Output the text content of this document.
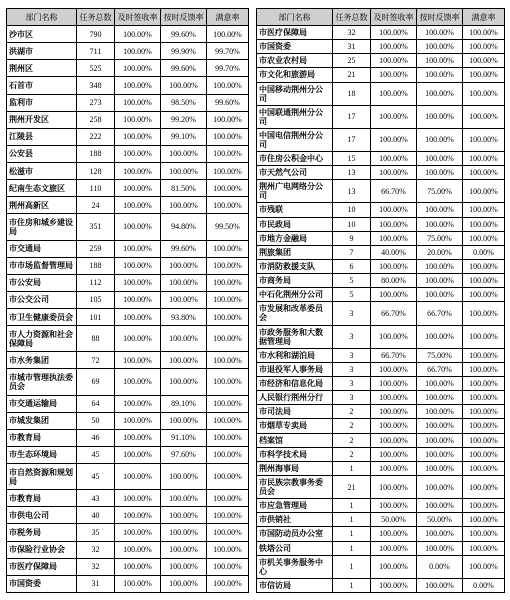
部门名称	任务总数	及时签收率	按时反馈率	满意率
沙市区	790	100.00%	99.60%	100.00%
洪湖市	711	100.00%	99.90%	99.70%
荆州区	525	100.00%	99.60%	99.70%
石首市	348	100.00%	100.00%	100.00%
监利市	273	100.00%	98.50%	99.60%
荆州开发区	258	100.00%	99.20%	100.00%
江陵县	222	100.00%	99.10%	100.00%
公安县	188	100.00%	100.00%	100.00%
松滋市	128	100.00%	100.00%	100.00%
纪南生态文旅区	110	100.00%	81.50%	100.00%
荆州高新区	24	100.00%	100.00%	100.00%
市住房和城乡建设局	351	100.00%	94.80%	99.50%
市交通局	259	100.00%	99.60%	100.00%
市市场监督管理局	188	100.00%	100.00%	100.00%
市公安局	112	100.00%	100.00%	100.00%
市公交公司	105	100.00%	100.00%	100.00%
市卫生健康委员会	101	100.00%	93.80%	100.00%
市人力资源和社会保障局	88	100.00%	100.00%	100.00%
市水务集团	72	100.00%	100.00%	100.00%
市城市管理执法委员会	69	100.00%	100.00%	100.00%
市交通运输局	64	100.00%	89.10%	100.00%
市城发集团	50	100.00%	100.00%	100.00%
市教育局	46	100.00%	91.10%	100.00%
市生态环境局	45	100.00%	97.60%	100.00%
市自然资源和规划局	45	100.00%	100.00%	100.00%
市教育局	43	100.00%	100.00%	100.00%
市供电公司	40	100.00%	100.00%	100.00%
市税务局	35	100.00%	100.00%	100.00%
市保险行业协会	32	100.00%	100.00%	100.00%
市医疗保障局	32	100.00%	100.00%	100.00%
市国资委	31	100.00%	100.00%	100.00%
部门名称	任务总数	及时签收率	按时反馈率	满意率
市医疗保障局	32	100.00%	100.00%	100.00%
市国资委	31	100.00%	100.00%	100.00%
市农业农村局	25	100.00%	100.00%	100.00%
市文化和旅游局	21	100.00%	100.00%	100.00%
中国移动荆州分公司	18	100.00%	100.00%	100.00%
中国联通荆州分公司	17	100.00%	100.00%	100.00%
中国电信荆州分公司	17	100.00%	100.00%	100.00%
市住房公积金中心	15	100.00%	100.00%	100.00%
市天然气公司	13	100.00%	100.00%	100.00%
荆州广电网络分公司	13	66.70%	75.00%	100.00%
市残联	10	100.00%	100.00%	100.00%
市民政局	10	100.00%	100.00%	100.00%
市地方金融局	9	100.00%	75.00%	100.00%
荆旅集团	7	40.00%	20.00%	0.00%
市消防救援支队	6	100.00%	100.00%	100.00%
市商务局	5	80.00%	100.00%	100.00%
中石化荆州分公司	5	100.00%	100.00%	100.00%
市发展和改革委员会	3	66.70%	66.70%	100.00%
市政务服务和大数据管理局	3	100.00%	100.00%	100.00%
市水利和湖泊局	3	66.70%	75.00%	100.00%
市退役军人事务局	3	100.00%	66.70%	100.00%
市经济和信息化局	3	100.00%	100.00%	100.00%
人民银行荆州分行	3	100.00%	100.00%	100.00%
市司法局	2	100.00%	100.00%	100.00%
市烟草专卖局	2	100.00%	100.00%	100.00%
档案馆	2	100.00%	100.00%	100.00%
市科学技术局	2	100.00%	100.00%	100.00%
荆州海事局	1	100.00%	100.00%	100.00%
市民族宗教事务委员会	21	100.00%	100.00%	100.00%
市应急管理局	1	100.00%	100.00%	100.00%
市供销社	1	50.00%	50.00%	100.00%
市国防动员办公室	1	100.00%	100.00%	100.00%
铁塔公司	1	100.00%	100.00%	100.00%
市机关事务服务中心	1	100.00%	0.00%	100.00%
市信访局	1	100.00%	100.00%	0.00%
